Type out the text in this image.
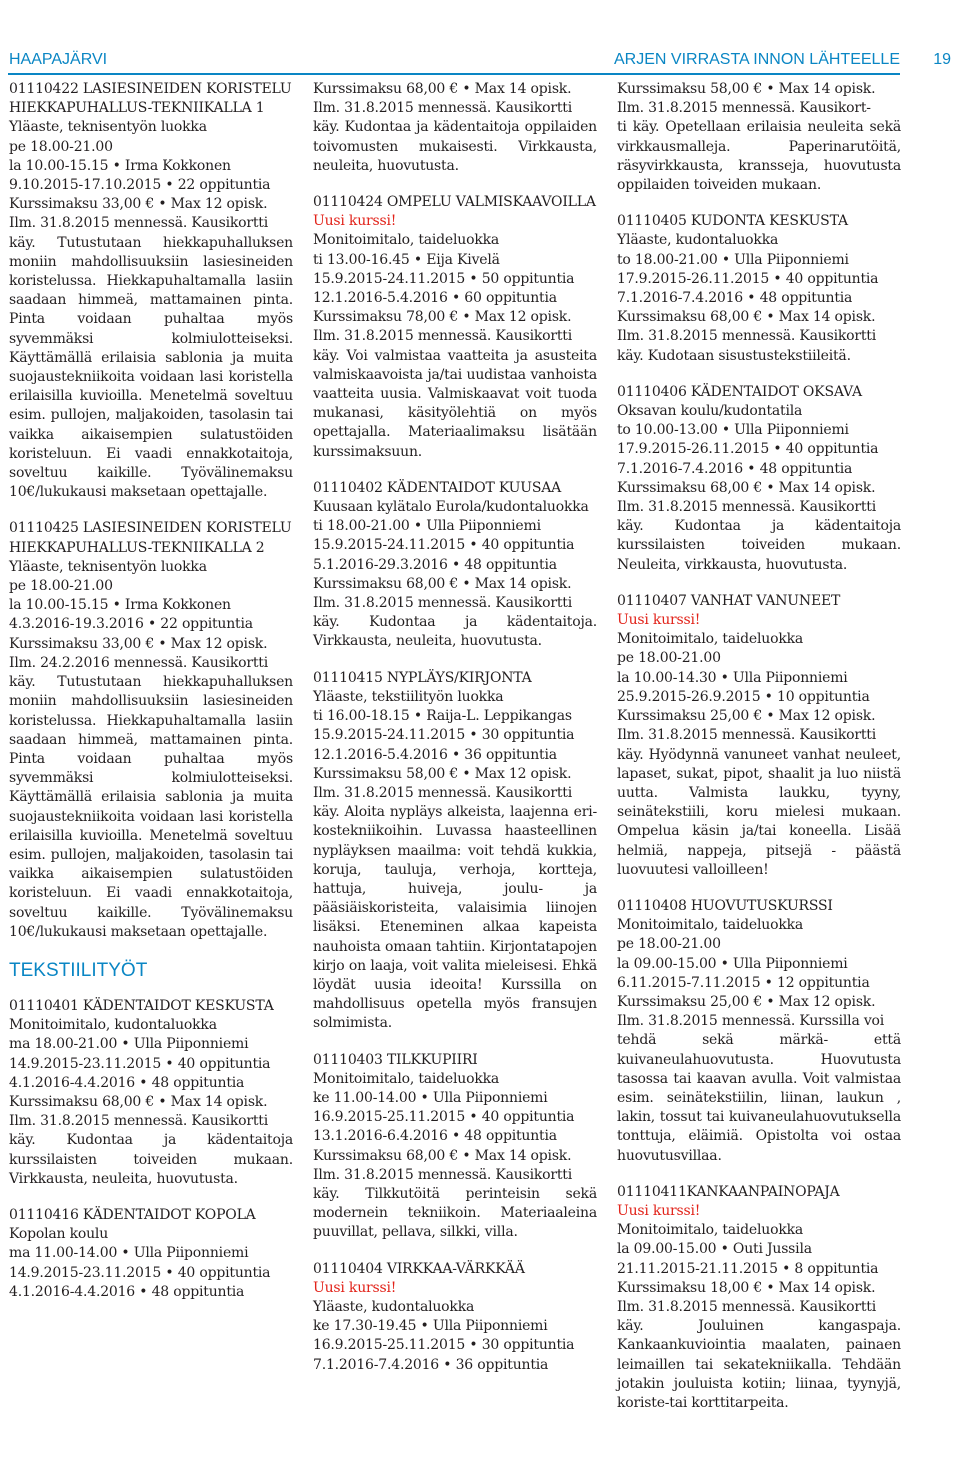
HAAPAJÄRVI	ARJEN VIRRASTA INNON LÄHTEELLE 19
01110422 LASIESINEIDEN KORISTELU HIEKKAPUHALLUS-TEKNIIKALLA 1
Yläaste, teknisentyön luokka
pe 18.00-21.00
la 10.00-15.15 • Irma Kokkonen
9.10.2015-17.10.2015 • 22 oppituntia
Kurssimaksu 33,00 € • Max 12 opisk.
Ilm. 31.8.2015 mennessä. Kausikortti
käy. Tutustutaan hiekkapuhalluksen moniin mahdollisuuksiin lasiesineiden koristelussa. Hiekkapuhaltamalla lasiin saadaan himmeä, mattamainen pinta. Pinta voidaan puhaltaa myös syvemmäksi kolmiulotteiseksi. Käyttämällä erilaisia sablonia ja muita suojaustekniikoita voidaan lasi koristella erilaisilla kuvioilla. Menetelmä soveltuu esim. pullojen, maljakoiden, tasolasin tai vaikka aikaisempien sulatustöiden koristeluun. Ei vaadi ennakkotaitoja, soveltuu kaikille. Työvälinemaksu 10€/lukukausi maksetaan opettajalle.
01110425 LASIESINEIDEN KORISTELU HIEKKAPUHALLUS-TEKNIIKALLA 2
Yläaste, teknisentyön luokka
pe 18.00-21.00
la 10.00-15.15 • Irma Kokkonen
4.3.2016-19.3.2016 • 22 oppituntia
Kurssimaksu 33,00 € • Max 12 opisk.
Ilm. 24.2.2016 mennessä. Kausikortti
käy. Tutustutaan hiekkapuhalluksen moniin mahdollisuuksiin lasiesineiden koristelussa. Hiekkapuhaltamalla lasiin saadaan himmeä, mattamainen pinta. Pinta voidaan puhaltaa myös syvemmäksi kolmiulotteiseksi. Käyttämällä erilaisia sablonia ja muita suojaustekniikoita voidaan lasi koristella erilaisilla kuvioilla. Menetelmä soveltuu esim. pullojen, maljakoiden, tasolasin tai vaikka aikaisempien sulatustöiden koristeluun. Ei vaadi ennakkotaitoja, soveltuu kaikille. Työvälinemaksu 10€/lukukausi maksetaan opettajalle.
TEKSTIILITYÖT
01110401 KÄDENTAIDOT KESKUSTA
Monitoimitalo, kudontaluokka
ma 18.00-21.00 • Ulla Piiponniemi
14.9.2015-23.11.2015 • 40 oppituntia
4.1.2016-4.4.2016 • 48 oppituntia
Kurssimaksu 68,00 € • Max 14 opisk.
Ilm. 31.8.2015 mennessä. Kausikortti
käy. Kudontaa ja kädentaitoja kurssilaisten toiveiden mukaan. Virkkausta, neuleita, huovutusta.
01110416 KÄDENTAIDOT KOPOLA
Kopolan koulu
ma 11.00-14.00 • Ulla Piiponniemi
14.9.2015-23.11.2015 • 40 oppituntia
4.1.2016-4.4.2016 • 48 oppituntia
Kurssimaksu 68,00 € • Max 14 opisk.
Ilm. 31.8.2015 mennessä. Kausikortti
käy. Kudontaa ja kädentaitoja oppilaiden toivomusten mukaisesti. Virkkausta, neuleita, huovutusta.
01110424 OMPELU VALMISKAAVOILLA
Uusi kurssi!
Monitoimitalo, taideluokka
ti 13.00-16.45 • Eija Kivelä
15.9.2015-24.11.2015 • 50 oppituntia
12.1.2016-5.4.2016 • 60 oppituntia
Kurssimaksu 78,00 € • Max 12 opisk.
Ilm. 31.8.2015 mennessä. Kausikortti
käy. Voi valmistaa vaatteita ja asusteita valmiskaavoista ja/tai uudistaa vanhoista vaatteita uusia. Valmiskaavat voit tuoda mukanasi, käsityölehtiä on myös opettajalla. Materiaalimaksu lisätään kurssimaksuun.
01110402 KÄDENTAIDOT KUUSAA
Kuusaan kylätalo Eurola/kudontaluokka
ti 18.00-21.00 • Ulla Piiponniemi
15.9.2015-24.11.2015 • 40 oppituntia
5.1.2016-29.3.2016 • 48 oppituntia
Kurssimaksu 68,00 € • Max 14 opisk.
Ilm. 31.8.2015 mennessä. Kausikortti
käy. Kudontaa ja kädentaitoja. Virkkausta, neuleita, huovutusta.
01110415 NYPLÄYS/KIRJONTA
Yläaste, tekstiilityön luokka
ti 16.00-18.15 • Raija-L. Leppikangas
15.9.2015-24.11.2015 • 30 oppituntia
12.1.2016-5.4.2016 • 36 oppituntia
Kurssimaksu 58,00 € • Max 12 opisk.
Ilm. 31.8.2015 mennessä. Kausikortti
käy. Aloita nypläys alkeista, laajenna eri-kostekniikoihin. Luvassa haasteellinen nypläyksen maailma: voit tehdä kukkia, koruja, tauluja, verhoja, kortteja, hattuja, huiveja, joulu- ja pääsiäiskoristeita, valaisimia liinojen lisäksi. Eteneminen alkaa kapeista nauhoista omaan tahtiin. Kirjontatapojen kirjo on laaja, voit valita mieleisesi. Ehkä löydät uusia ideoita! Kurssilla on mahdollisuus opetella myös fransujen solmimista.
01110403 TILKKUPIIRI
Monitoimitalo, taideluokka
ke 11.00-14.00 • Ulla Piiponniemi
16.9.2015-25.11.2015 • 40 oppituntia
13.1.2016-6.4.2016 • 48 oppituntia
Kurssimaksu 68,00 € • Max 14 opisk.
Ilm. 31.8.2015 mennessä. Kausikortti
käy. Tilkkutöitä perinteisin sekä modernein tekniikoin. Materiaaleina puuvillat, pellava, silkki, villa.
01110404 VIRKKAA-VÄRKKÄÄ
Uusi kurssi!
Yläaste, kudontaluokka
ke 17.30-19.45 • Ulla Piiponniemi
16.9.2015-25.11.2015 • 30 oppituntia
7.1.2016-7.4.2016 • 36 oppituntia
Kurssimaksu 58,00 € • Max 14 opisk.
Ilm. 31.8.2015 mennessä. Kausikort-
ti käy. Opetellaan erilaisia neuleita sekä virkkausmalleja. Paperinarutöitä, räsyvirkkausta, kransseja, huovutusta oppilaiden toiveiden mukaan.
01110405 KUDONTA KESKUSTA
Yläaste, kudontaluokka
to 18.00-21.00 • Ulla Piiponniemi
17.9.2015-26.11.2015 • 40 oppituntia
7.1.2016-7.4.2016 • 48 oppituntia
Kurssimaksu 68,00 € • Max 14 opisk.
Ilm. 31.8.2015 mennessä. Kausikortti
käy. Kudotaan sisustustekstiileitä.
01110406 KÄDENTAIDOT OKSAVA
Oksavan koulu/kudontatila
to 10.00-13.00 • Ulla Piiponniemi
17.9.2015-26.11.2015 • 40 oppituntia
7.1.2016-7.4.2016 • 48 oppituntia
Kurssimaksu 68,00 € • Max 14 opisk.
Ilm. 31.8.2015 mennessä. Kausikortti
käy. Kudontaa ja kädentaitoja kurssilaisten toiveiden mukaan. Neuleita, virkkausta, huovutusta.
01110407 VANHAT VANUNEET
Uusi kurssi!
Monitoimitalo, taideluokka
pe 18.00-21.00
la 10.00-14.30 • Ulla Piiponniemi
25.9.2015-26.9.2015 • 10 oppituntia
Kurssimaksu 25,00 € • Max 12 opisk.
Ilm. 31.8.2015 mennessä. Kausikortti
käy. Hyödynnä vanuneet vanhat neuleet, lapaset, sukat, pipot, shaalit ja luo niistä uutta. Valmista laukku, tyyny, seinätekstiili, koru mielesi mukaan. Ompelua käsin ja/tai koneella. Lisää helmiä, nappeja, pitsejä - päästä luovuutesi valloilleen!
01110408 HUOVUTUSKURSSI
Monitoimitalo, taideluokka
pe 18.00-21.00
la 09.00-15.00 • Ulla Piiponniemi
6.11.2015-7.11.2015 • 12 oppituntia
Kurssimaksu 25,00 € • Max 12 opisk.
Ilm. 31.8.2015 mennessä. Kurssilla voi
tehdä sekä märkä- että kuivaneulahuovutusta. Huovutusta tasossa tai kaavan avulla. Voit valmistaa esim. seinätekstiilin, liinan, laukun , lakin, tossut tai kuivaneulahuovutuksella tonttuja, eläimiä. Opistolta voi ostaa huovutusvillaa.
01110411KANKAANPAINOPAJA
Uusi kurssi!
Monitoimitalo, taideluokka
la 09.00-15.00 • Outi Jussila
21.11.2015-21.11.2015 • 8 oppituntia
Kurssimaksu 18,00 € • Max 14 opisk.
Ilm. 31.8.2015 mennessä. Kausikortti
käy. Jouluinen kangaspaja. Kankaankuviointia maalaten, painaen leimaillen tai sekatekniikalla. Tehdään jotakin jouluista kotiin; liinaa, tyynyjä, koriste-tai korttitarpeita.
